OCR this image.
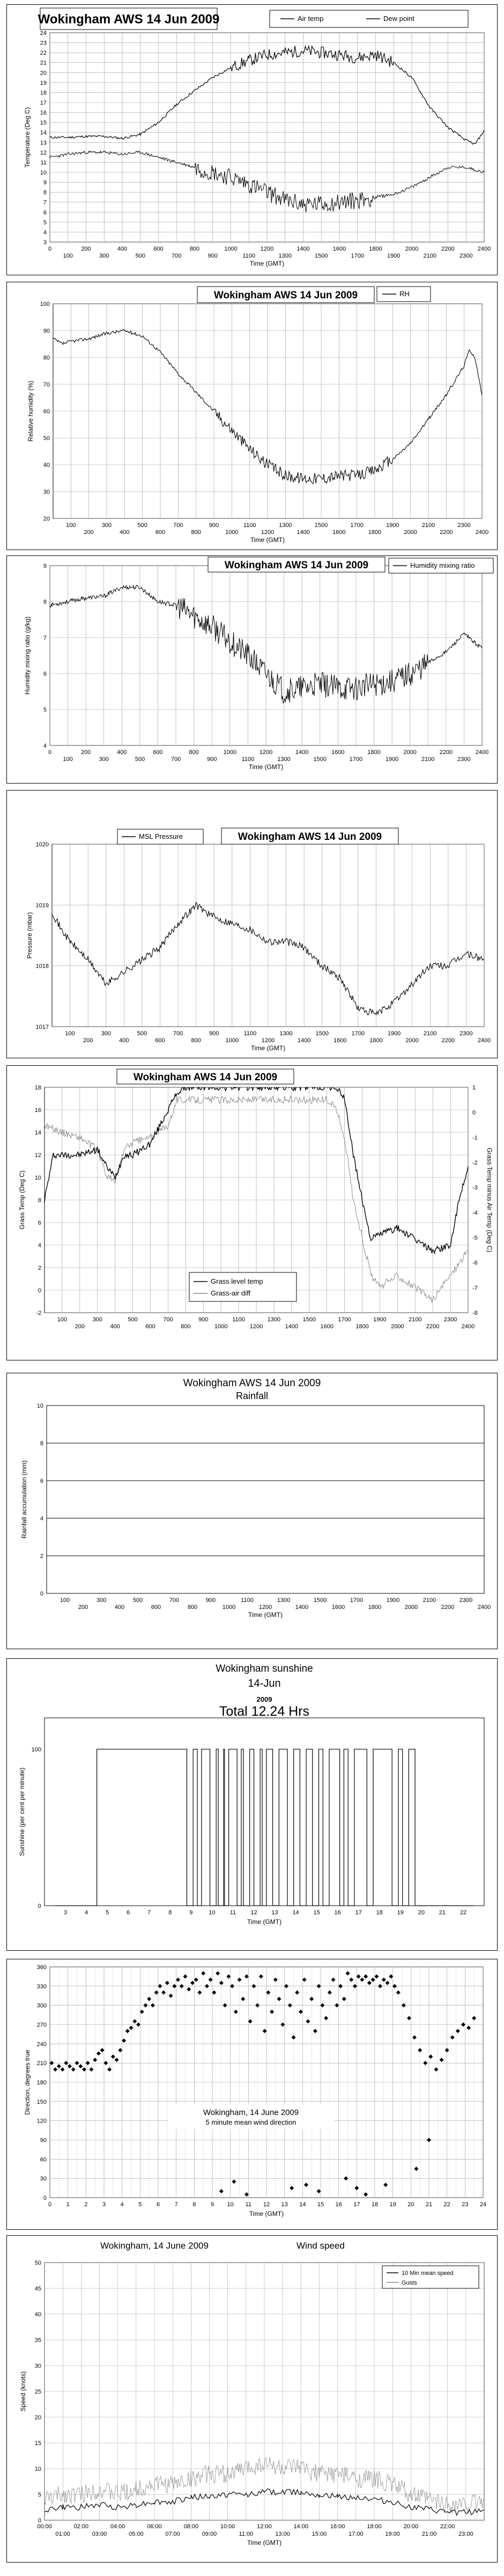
3
4
5
6
7
8
9
10
11
12
13
14
15
16
17
18
19
20
21
22
23
24
0
100
200
300
400
500
600
700
800
900
1000
1100
1200
1300
1400
1500
1600
1700
1800
1900
2000
2100
2200
2300
2400
Time (GMT)
Temperature (Deg C)
Wokingham AWS 14 Jun 2009	Air temp	Dew point
20
30
40
50
60
70
80
90
100
100
200
300
400
500
600
700
800
900
1000
1100
1200
1300
1400
1500
1600
1700
1800
1900
2000
2100
2200
2300
2400
Time (GMT)
Relative humidity (%)
Wokingham AWS 14 Jun 2009	RH
4
5
6
7
8
9
0
100
200
300
400
500
600
700
800
900
1000
1100
1200
1300
1400
1500
1600
1700
1800
1900
2000
2100
2200
2300
2400
Time (GMT)
Humidity mixing ratio (g/kg)
Wokingham AWS 14 Jun 2009	Humidity mixing ratio
1017
1018
1019
1020
100
200
300
400
500
600
700
800
900
1000
1100
1200
1300
1400
1500
1600
1700
1800
1900
2000
2100
2200
2300
2400
Time (GMT)
Pressure (mbar)
MSL Pressure	Wokingham AWS 14 Jun 2009
-2
0
2
4
6
8
10
12
14
16
18
100
200
300
400
500
600
700
800
900
1000
1100
1200
1300
1400
1500
1600
1700
1800
1900
2000
2100
2200
2300
2400
Grass Temp (Deg C)
-8
-7
-6
-5
-4
-3
-2
-1
0
1
Grass Temp minus Air Temp (Deg C)
Wokingham AWS 14 Jun 2009
Grass level temp
Grass-air diff
0
2
4
6
8
10
100
200
300
400
500
600
700
800
900
1000
1100
1200
1300
1400
1500
1600
1700
1800
1900
2000
2100
2200
2300
2400
Time (GMT)
Rainfall accumulation (mm)
Wokingham AWS 14 Jun 2009
Rainfall
0
100
3	4	5	6	7	8	9	10 11 12 13 14 15 16 17 18 19 20 21 22
Time (GMT)
Sunshine (per cent per minute)
Wokingham sunshine
14-Jun
2009
Total 12.24 Hrs
0
30
60
90
120
150
180
210
240
270
300
330
360
0	1	2	3	4	5	6	7	8	9 10 11 12 13 14 15 16 17 18 19 20 21 22 23 24
Time (GMT)
Direction, degrees true	Wokingham, 14 June 2009
5 minute mean wind direction
0
5
10
15
20
25
30
35
40
45
50
00:00	02:00	04:00	06:00	08:00	10:00	12:00	14:00	16:00	18:00	20:00	22:00
01:00	03:00	05:00	07:00	09:00	11:00	13:00	15:00	17:00	19:00	21:00	23:00
Time (GMT)
Speed (knots)
Wokingham, 14 June 2009	Wind speed
10 Min mean speed
Gusts
